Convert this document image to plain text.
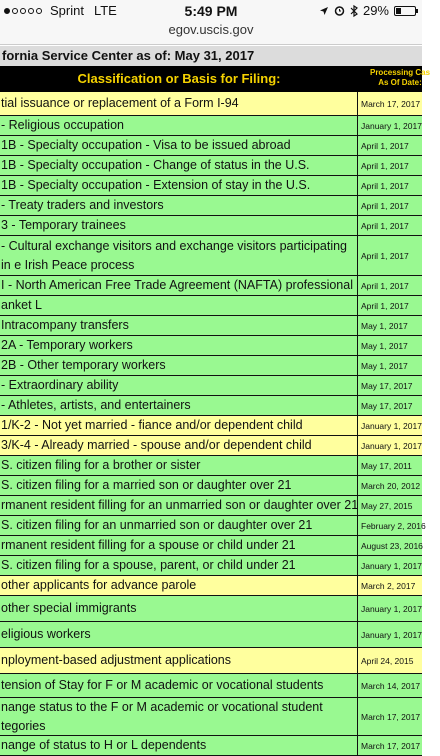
Sprint LTE	5:49 PM	29%
egov.uscis.gov
fornia Service Center as of: May 31, 2017
Classification or Basis for Filing:	Processing Cas
As Of Date:
tial issuance or replacement of a Form I-94	March 17, 2017
- Religious occupation	January 1, 2017
1B - Specialty occupation - Visa to be issued abroad	April 1, 2017
1B - Specialty occupation - Change of status in the U.S.	April 1, 2017
1B - Specialty occupation - Extension of stay in the U.S.	April 1, 2017
- Treaty traders and investors	April 1, 2017
3 - Temporary trainees	April 1, 2017
- Cultural exchange visitors and exchange visitors participating in e Irish Peace process
April 1, 2017
I - North American Free Trade Agreement (NAFTA) professional April 1, 2017
anket L	April 1, 2017
Intracompany transfers	May 1, 2017
2A - Temporary workers	May 1, 2017
2B - Other temporary workers	May 1, 2017
- Extraordinary ability	May 17, 2017
- Athletes, artists, and entertainers	May 17, 2017
1/K-2 - Not yet married - fiance and/or dependent child	January 1, 2017
3/K-4 - Already married - spouse and/or dependent child	January 1, 2017
S. citizen filing for a brother or sister	May 17, 2011
S. citizen filing for a married son or daughter over 21	March 20, 2012
rmanent resident filling for an unmarried son or daughter over 21 May 27, 2015
S. citizen filing for an unmarried son or daughter over 21	February 2, 2016
rmanent resident filling for a spouse or child under 21	August 23, 2016
S. citizen filing for a spouse, parent, or child under 21	January 1, 2017
other applicants for advance parole	March 2, 2017
other special immigrants	January 1, 2017
eligious workers	January 1, 2017
nployment-based adjustment applications	April 24, 2015
tension of Stay for F or M academic or vocational students	March 14, 2017
nange status to the F or M academic or vocational student tegories
March 17, 2017
nange of status to H or L dependents	March 17, 2017
